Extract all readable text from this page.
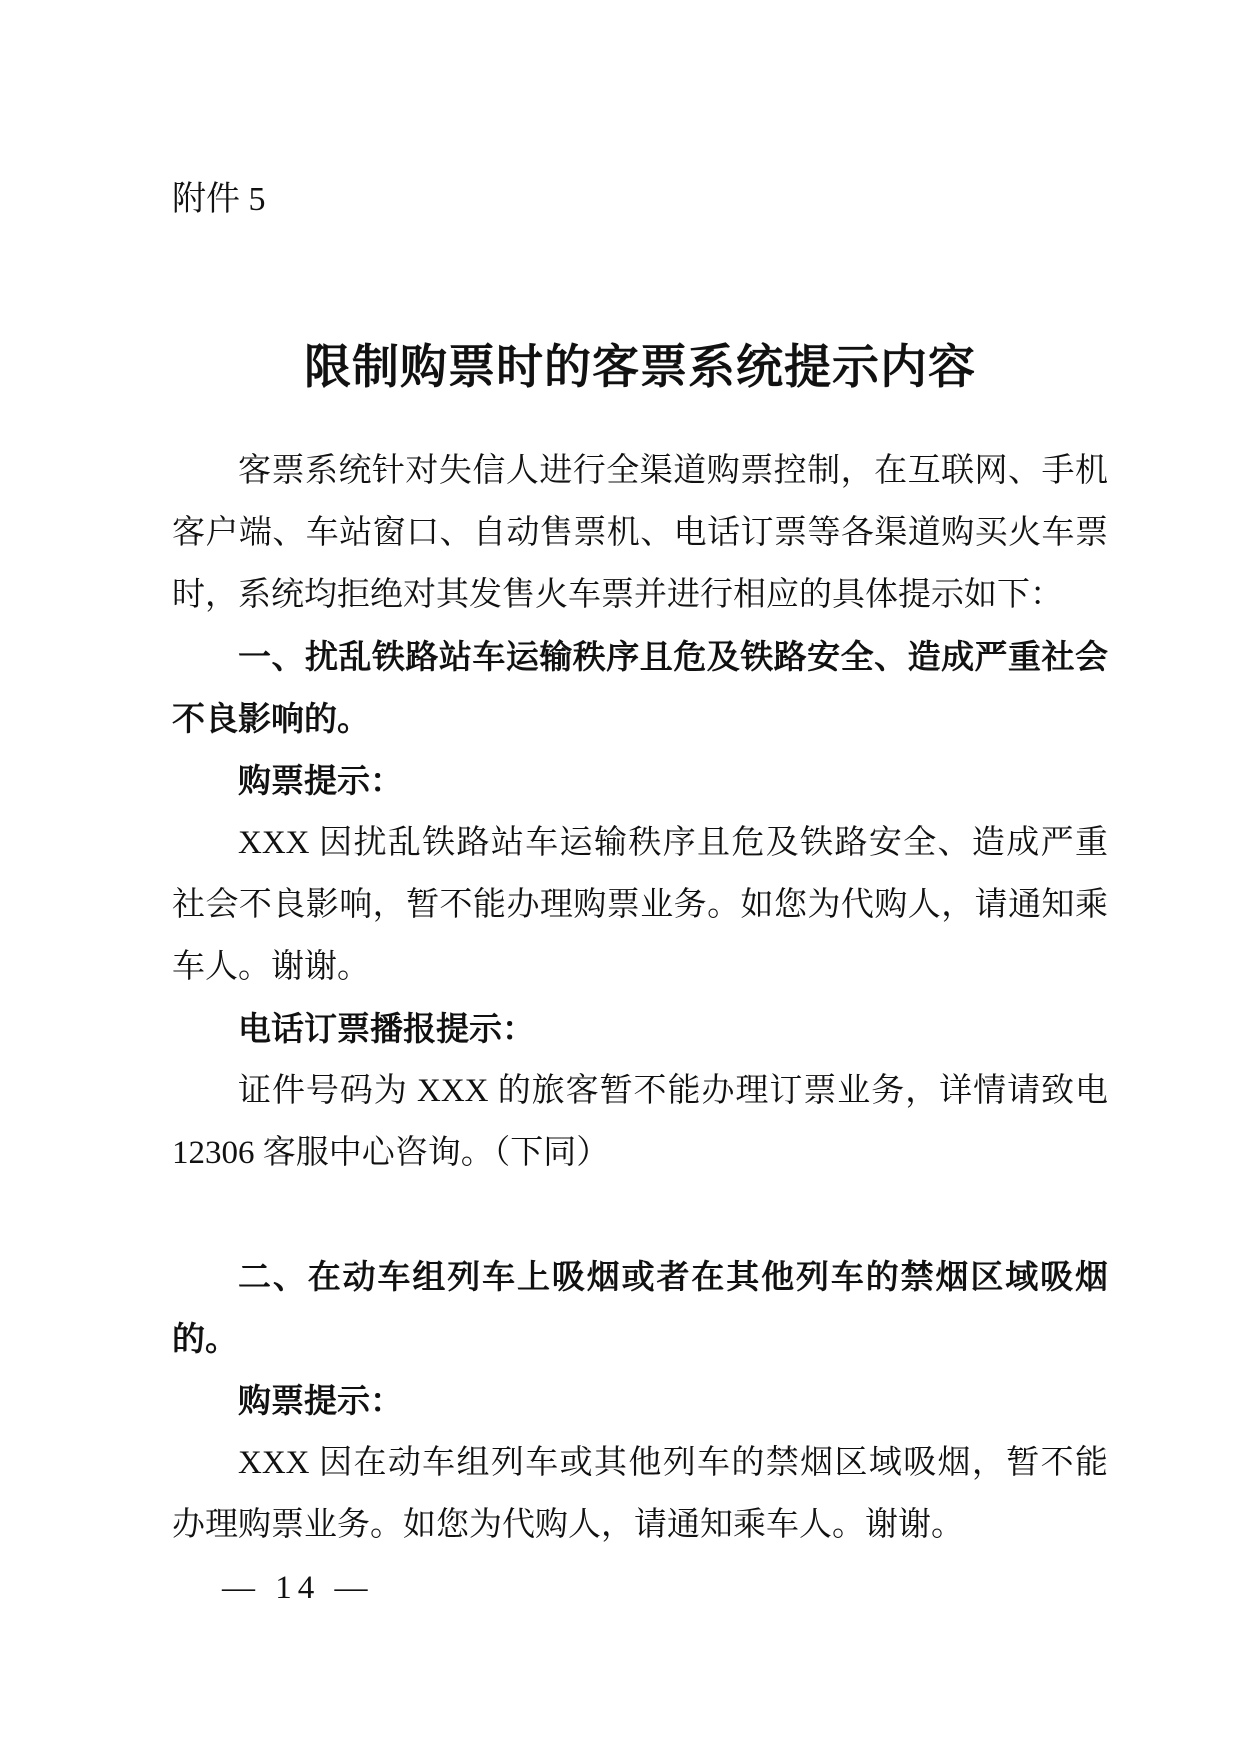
附件 5
限制购票时的客票系统提示内容
客票系统针对失信人进行全渠道购票控制，在互联网、手机
客户端、车站窗口、自动售票机、电话订票等各渠道购买火车票
时，系统均拒绝对其发售火车票并进行相应的具体提示如下：
一、扰乱铁路站车运输秩序且危及铁路安全、造成严重社会
不良影响的。
购票提示：
XXX 因扰乱铁路站车运输秩序且危及铁路安全、造成严重
社会不良影响，暂不能办理购票业务。如您为代购人，请通知乘
车人。谢谢。
电话订票播报提示：
证件号码为 XXX 的旅客暂不能办理订票业务，详情请致电
12306 客服中心咨询。（下同）
二、在动车组列车上吸烟或者在其他列车的禁烟区域吸烟
的。
购票提示：
XXX 因在动车组列车或其他列车的禁烟区域吸烟，暂不能
办理购票业务。如您为代购人，请通知乘车人。谢谢。
— 14 —
